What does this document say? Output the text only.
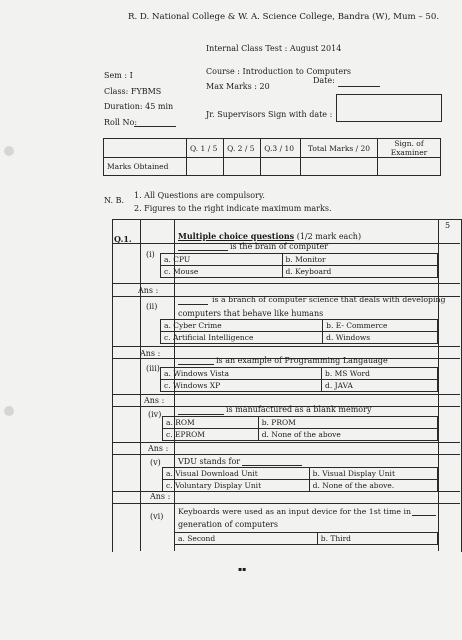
R. D. National College & W. A. Science College, Bandra (W), Mum – 50.
Internal Class Test : August 2014
Sem : I	Course : Introduction to Computers
Class: FYBMS
Max Marks : 20
Date:
Duration: 45 min
Roll No:
Jr. Supervisors Sign with date :
	Q. 1 / 5	Q. 2 / 5	Q.3 / 10	Total Marks / 20	Sign. of Examiner
Marks Obtained					
N. B.
1. All Questions are compulsory.
2. Figures to the right indicate maximum marks.
Q.1.	Multiple choice questions (1/2 mark each)
5
(i)
is the brain of computer
a. CPU	b. Monitor
c. Mouse	d. Keyboard
Ans :
(ii)
is a branch of computer science that deals with developing
computers that behave like humans
a. Cyber Crime	b. E- Commerce
c. Artificial Intelligence	d. Windows
Ans :
(iii)
is an example of Programming Langauage
a. Windows Vista	b. MS Word
c. Windows XP	d. JAVA
Ans :
(iv)
is manufactured as a blank memory
a. ROM	b. PROM
c. EPROM	d. None of the above
Ans :
(v) VDU stands for
a. Visual Download Unit	b. Visual Display Unit
c. Voluntary Display Unit	d. None of the above.
Ans :
(vi)
Keyboards were used as an input device for the 1st time in
generation of computers
a. Second	b. Third
▪▪
